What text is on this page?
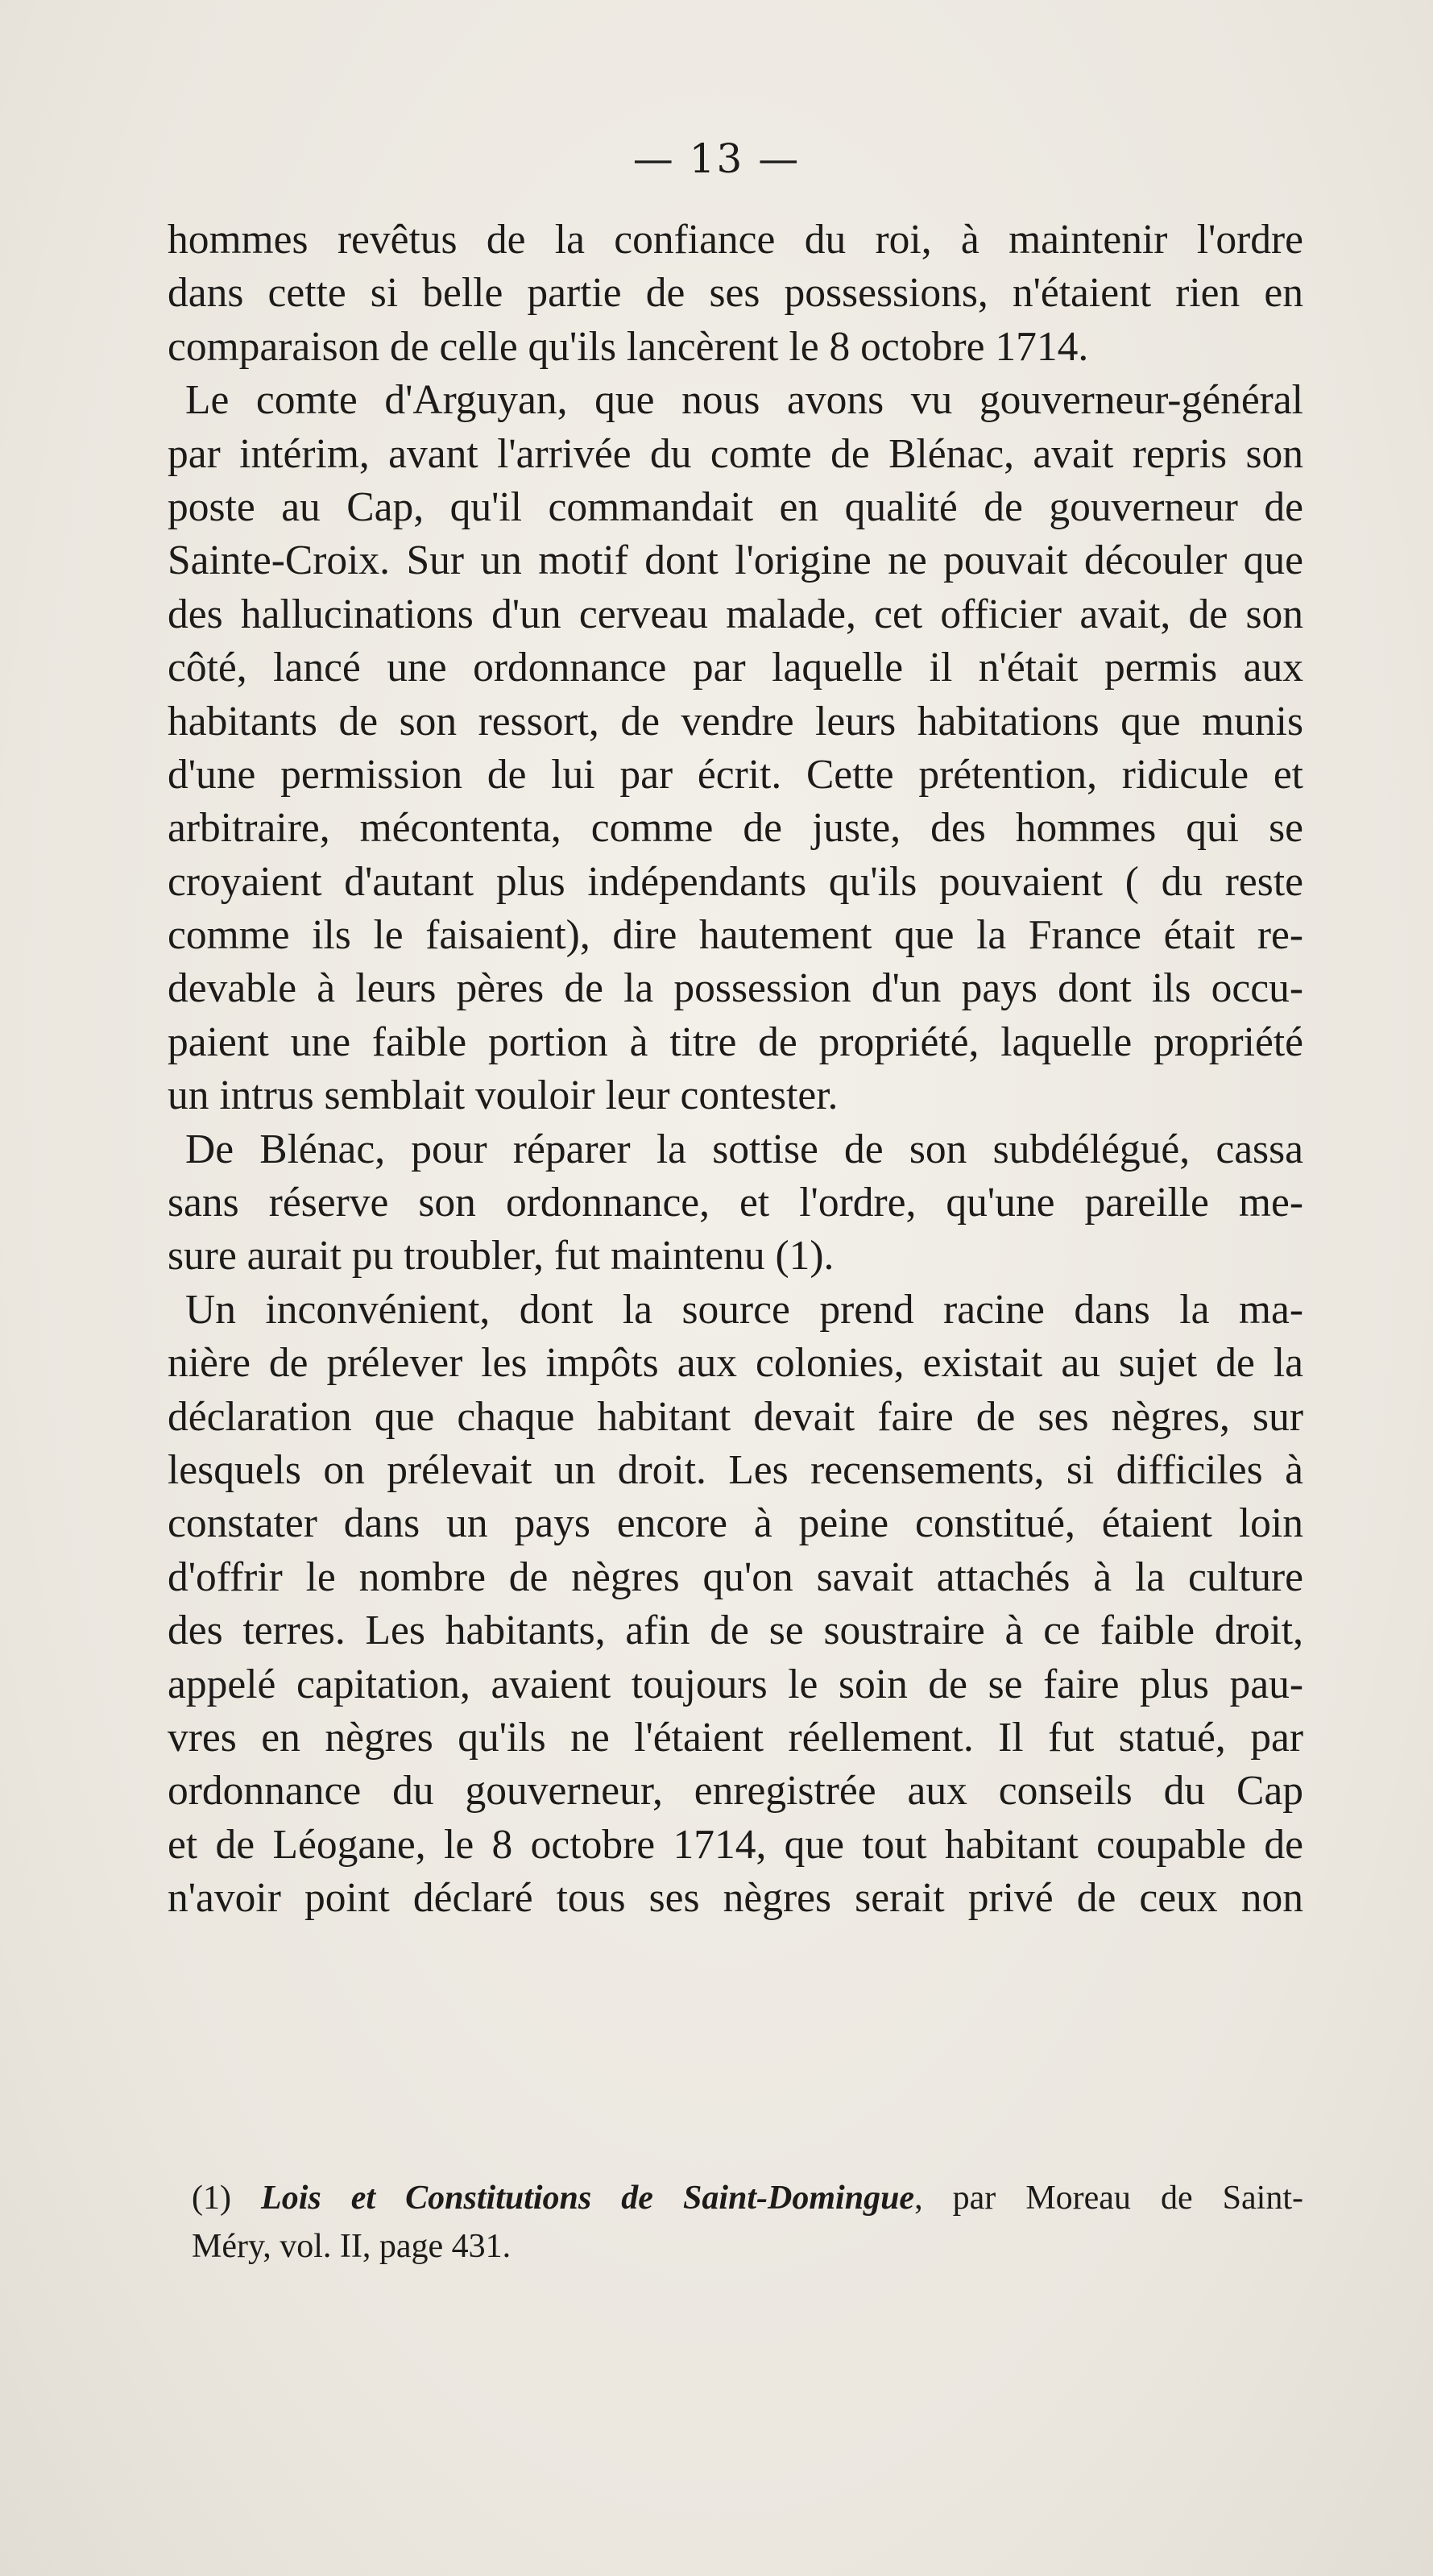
— 13 —
hommes revêtus de la confiance du roi, à maintenir l'ordre
dans cette si belle partie de ses possessions, n'étaient rien en
comparaison de celle qu'ils lancèrent le 8 octobre 1714.
Le comte d'Arguyan, que nous avons vu gouverneur-général
par intérim, avant l'arrivée du comte de Blénac, avait repris son
poste au Cap, qu'il commandait en qualité de gouverneur de
Sainte-Croix. Sur un motif dont l'origine ne pouvait découler que
des hallucinations d'un cerveau malade, cet officier avait, de son
côté, lancé une ordonnance par laquelle il n'était permis aux
habitants de son ressort, de vendre leurs habitations que munis
d'une permission de lui par écrit. Cette prétention, ridicule et
arbitraire, mécontenta, comme de juste, des hommes qui se
croyaient d'autant plus indépendants qu'ils pouvaient ( du reste
comme ils le faisaient), dire hautement que la France était re-
devable à leurs pères de la possession d'un pays dont ils occu-
paient une faible portion à titre de propriété, laquelle propriété
un intrus semblait vouloir leur contester.
De Blénac, pour réparer la sottise de son subdélégué, cassa
sans réserve son ordonnance, et l'ordre, qu'une pareille me-
sure aurait pu troubler, fut maintenu (1).
Un inconvénient, dont la source prend racine dans la ma-
nière de prélever les impôts aux colonies, existait au sujet de la
déclaration que chaque habitant devait faire de ses nègres, sur
lesquels on prélevait un droit. Les recensements, si difficiles à
constater dans un pays encore à peine constitué, étaient loin
d'offrir le nombre de nègres qu'on savait attachés à la culture
des terres. Les habitants, afin de se soustraire à ce faible droit,
appelé capitation, avaient toujours le soin de se faire plus pau-
vres en nègres qu'ils ne l'étaient réellement. Il fut statué, par
ordonnance du gouverneur, enregistrée aux conseils du Cap
et de Léogane, le 8 octobre 1714, que tout habitant coupable de
n'avoir point déclaré tous ses nègres serait privé de ceux non
(1) Lois et Constitutions de Saint-Domingue, par Moreau de Saint-
Méry, vol. II, page 431.
